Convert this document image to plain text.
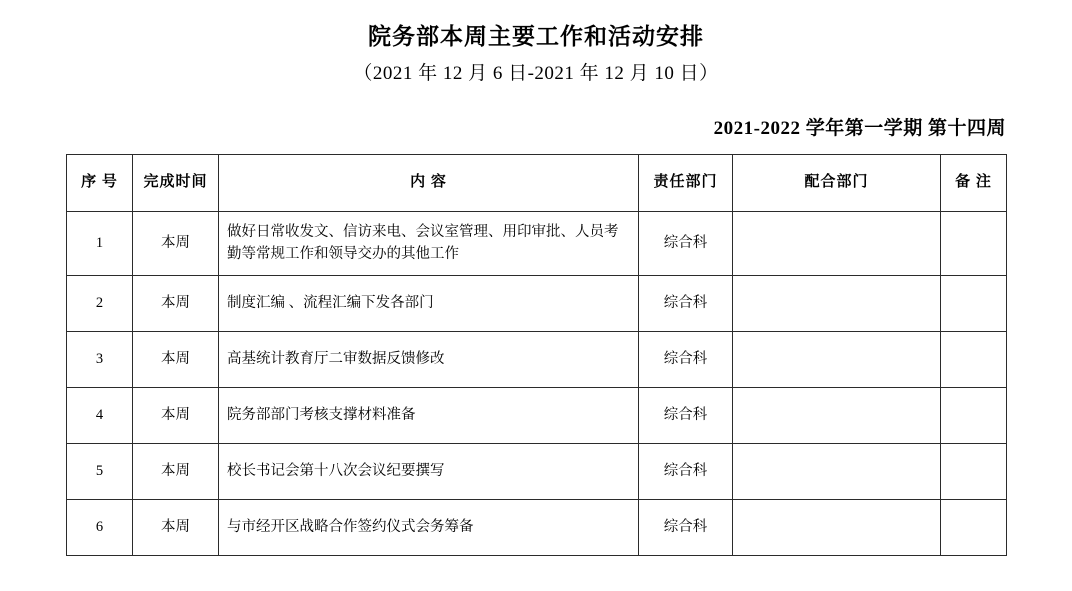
院务部本周主要工作和活动安排
（2021 年 12 月 6 日-2021 年 12 月 10 日）
2021-2022 学年第一学期 第十四周
序 号	完成时间	内 容	责任部门	配合部门	备 注
1	本周	做好日常收发文、信访来电、会议室管理、用印审批、人员考勤等常规工作和领导交办的其他工作	综合科		
2	本周	制度汇编 、流程汇编下发各部门	综合科		
3	本周	高基统计教育厅二审数据反馈修改	综合科		
4	本周	院务部部门考核支撑材料准备	综合科		
5	本周	校长书记会第十八次会议纪要撰写	综合科		
6	本周	与市经开区战略合作签约仪式会务筹备	综合科		
